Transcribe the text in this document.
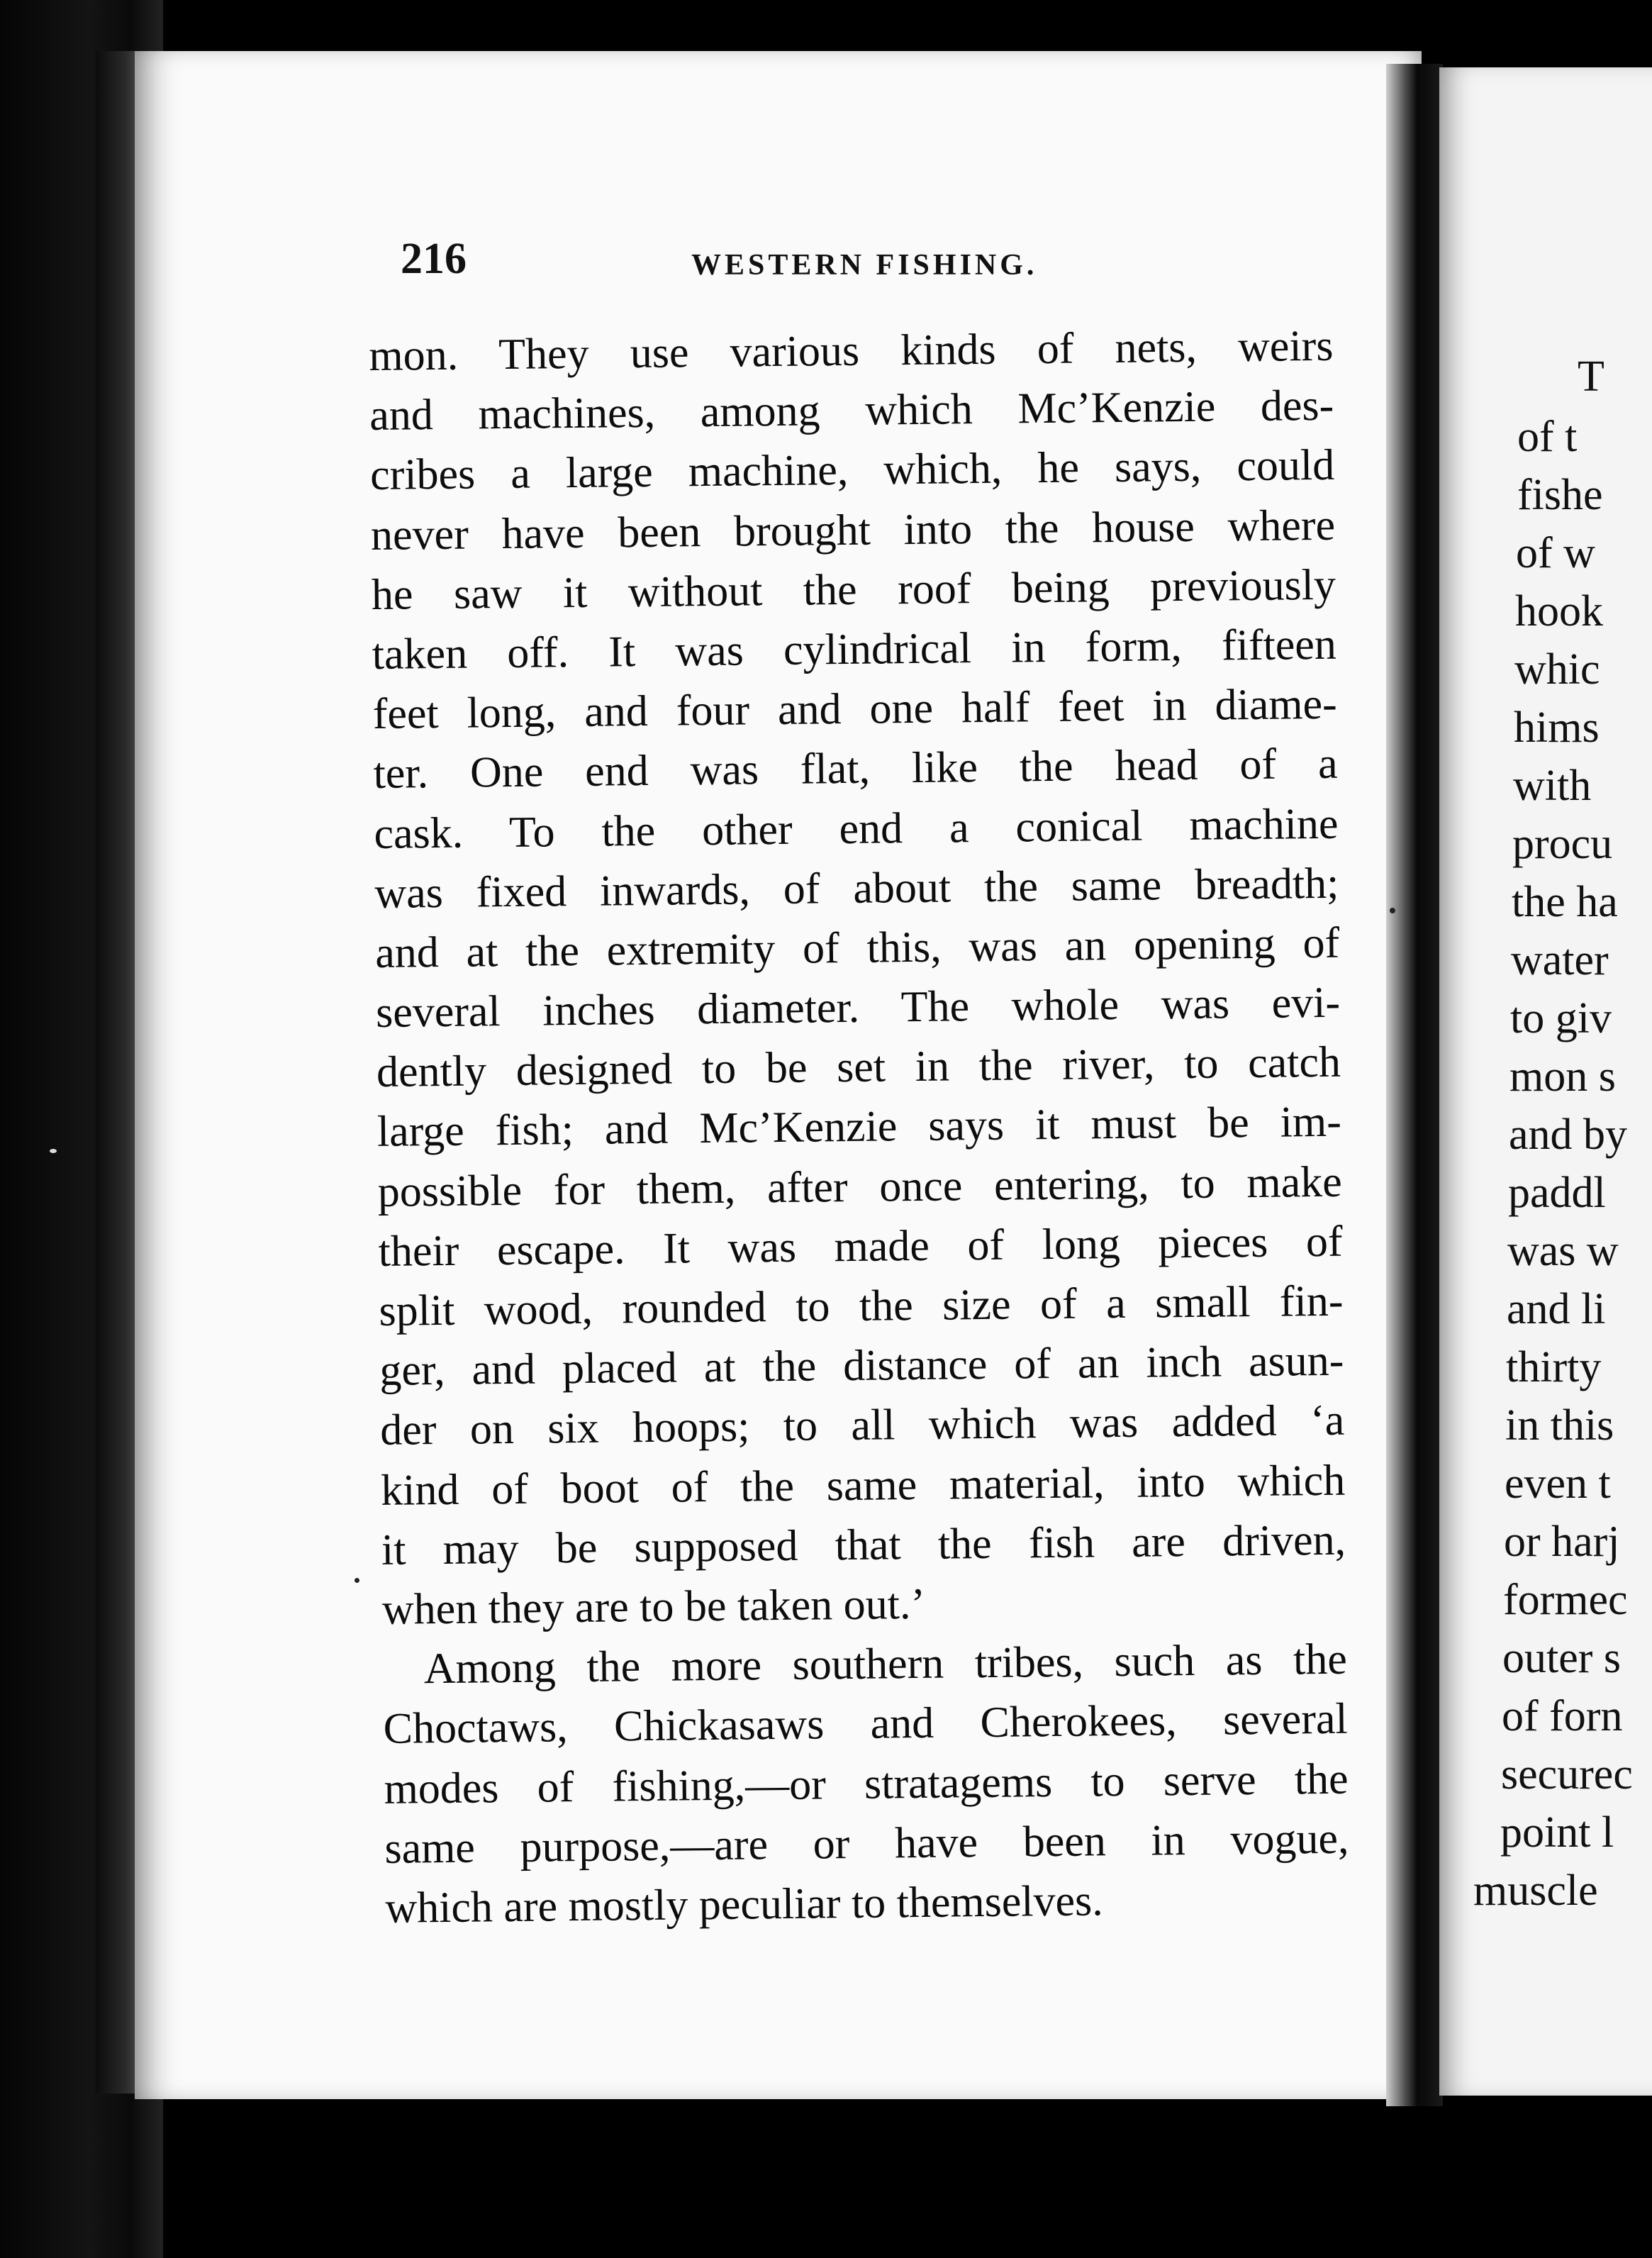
216	WESTERN FISHING.
mon. They use various kinds of nets, weirs
and machines, among which Mc’Kenzie des-
cribes a large machine, which, he says, could
never have been brought into the house where
he saw it without the roof being previously
taken off. It was cylindrical in form, fifteen
feet long, and four and one half feet in diame-
ter. One end was flat, like the head of a
cask. To the other end a conical machine
was fixed inwards, of about the same breadth;
and at the extremity of this, was an opening of
several inches diameter. The whole was evi-
dently designed to be set in the river, to catch
large fish; and Mc’Kenzie says it must be im-
possible for them, after once entering, to make
their escape. It was made of long pieces of
split wood, rounded to the size of a small fin-
ger, and placed at the distance of an inch asun-
der on six hoops; to all which was added ‘a
kind of boot of the same material, into which
it may be supposed that the fish are driven,
when they are to be taken out.’
Among the more southern tribes, such as the
Choctaws, Chickasaws and Cherokees, several
modes of fishing,—or stratagems to serve the
same purpose,—are or have been in vogue,
which are mostly peculiar to themselves.
T
of t
fishe
of w
hook
whic
hims
with
procu
the ha
water
to giv
mon s
and by
paddl
was w
and li
thirty
in this
even t
or harj
formec
outer s
of forn
securec
point l
muscle
